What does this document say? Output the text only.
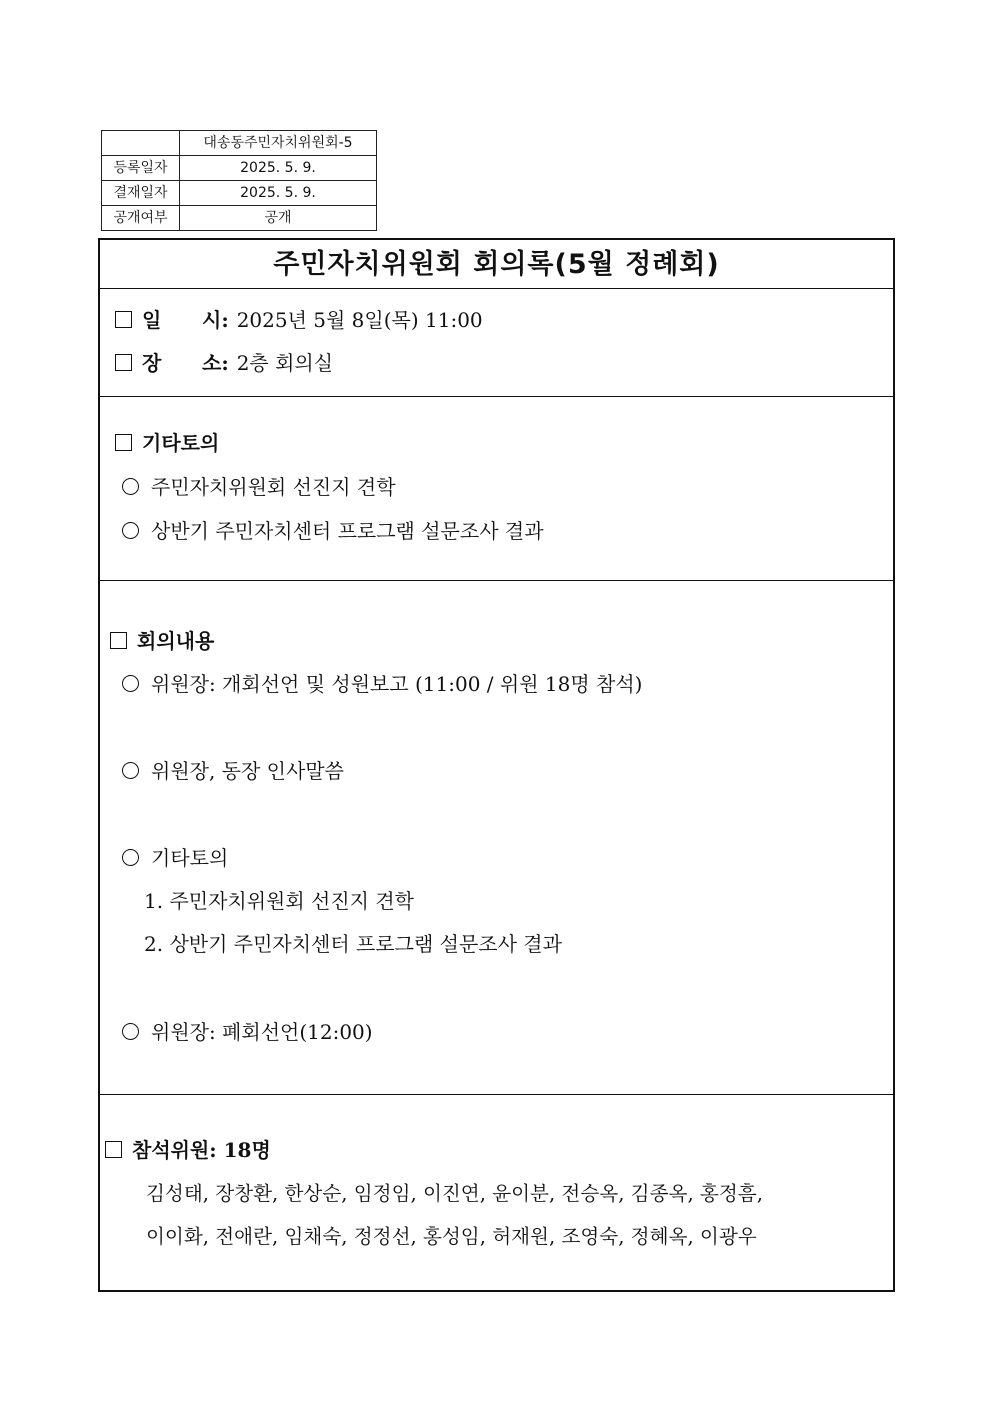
	대송동주민자치위원회-5
등록일자	2025. 5. 9.
결재일자	2025. 5. 9.
공개여부	공개
주민자치위원회 회의록(5월 정례회)
일 시: 2025년 5월 8일(목) 11:00
장 소: 2층 회의실
기타토의
주민자치위원회 선진지 견학
상반기 주민자치센터 프로그램 설문조사 결과
회의내용
위원장: 개회선언 및 성원보고 (11:00 / 위원 18명 참석)
위원장, 동장 인사말씀
기타토의
1. 주민자치위원회 선진지 견학
2. 상반기 주민자치센터 프로그램 설문조사 결과
위원장: 폐회선언(12:00)
참석위원: 18명
김성태, 장창환, 한상순, 임정임, 이진연, 윤이분, 전승옥, 김종옥, 홍정흠,
이이화, 전애란, 임채숙, 정정선, 홍성임, 허재원, 조영숙, 정혜옥, 이광우
